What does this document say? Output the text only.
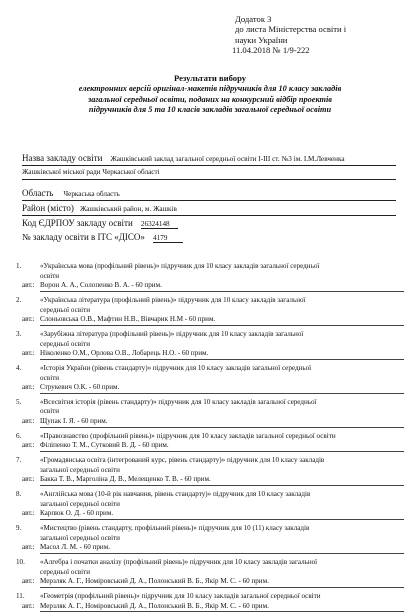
Додаток 3
до листа Міністерства освіти і
науки України
11.04.2018 № 1/9-222
Результати вибору
електронних версій оригінал-макетів підручників для 10 класу закладів
загальної середньої освіти, поданих на конкурсний відбір проектів
підручників для 5 та 10 класів закладів загальної середньої освіти
Назва закладу освіти Жашківський заклад загальної середньої освіти І-ІІІ ст. №3 ім. І.М.Левченка
Жашківської міської ради Черкаської області
Область Черкаська область
Район (місто) Жашківський район, м. Жашків
Код ЄДРПОУ закладу освіти 26324148
№ закладу освіти в ІТС «ДІСО» 4179
1.	«Українська мова (профільний рівень)» підручник для 10 класу закладів загальної середньої
освіти
авт.: Ворон А. А., Солопенко В. А. - 60 прим.
2.	«Українська література (профільний рівень)» підручник для 10 класу закладів загальної
середньої освіти
авт.: Слоньовська О.В., Мафтин Н.В., Вівчарик Н.М - 60 прим.
3.	«Зарубіжна література (профільний рівень)» підручник для 10 класу закладів загальної
середньої освіти
авт.: Ніколенко О.М., Орлова О.В., Лобарець Н.О. - 60 прим.
4.	«Історія України (рівень стандарту)» підручник для 10 класу закладів загальної середньої
освіти
авт.: Струкевич О.К. - 60 прим.
5.	«Всесвітня історія (рівень стандарту)» підручник для 10 класу закладів загальної середньої
освіти
авт.: Щупак І. Я. - 60 прим.
6.	«Правознавство (профільний рівень)» підручник для 10 класу закладів загальної середньої освіти
авт.: Філіпенко Т. М., Сутковий В. Д. - 60 прим.
7.	«Громадянська освіта (інтегрований курс, рівень стандарту)» підручник для 10 класу закладів
загальної середньої освіти
авт.: Бакка Т. В., Марголіна Д. В., Мелещенко Т. В. - 60 прим.
8.	«Англійська мова (10-й рік навчання, рівень стандарту)» підручник для 10 класу закладів
загальної середньої освіти
авт.: Карпюк О. Д. - 60 прим.
9.	«Мистецтво (рівень стандарту, профільний рівень)» підручник для 10 (11) класу закладів
загальної середньої освіти
авт.: Масол Л. М. - 60 прим.
10.	«Алгебра і початки аналізу (профільний рівень)» підручник для 10 класу закладів загальної
середньої освіти
авт.: Мерзляк А. Г., Номіровський Д. А., Полонський В. Б., Якір М. С. - 60 прим.
11.	«Геометрія (профільний рівень)» підручник для 10 класу закладів загальної середньої освіти
авт.: Мерзляк А. Г., Номіровський Д. А., Полонський В. Б., Якір М. С. - 60 прим.
